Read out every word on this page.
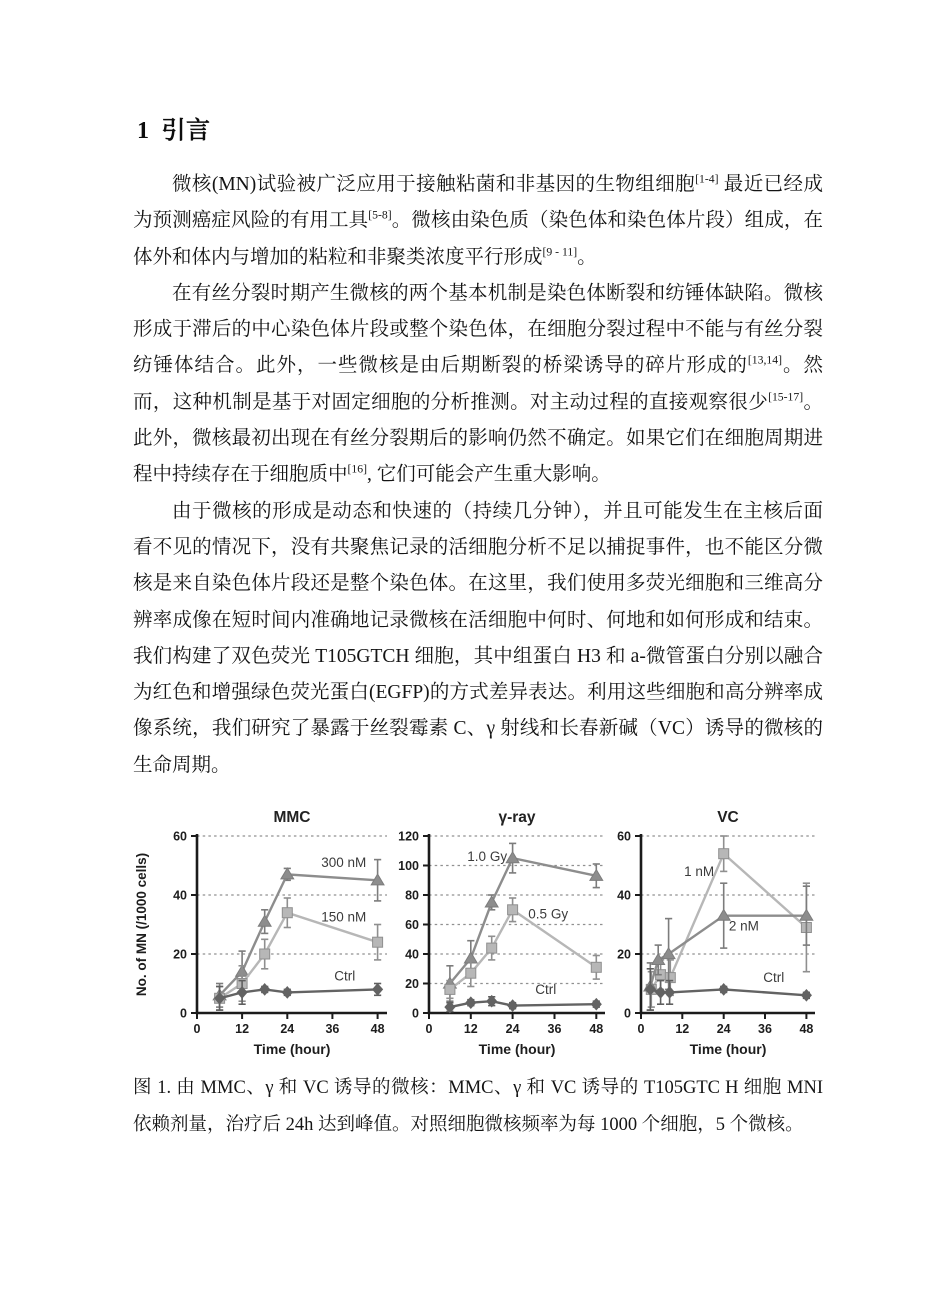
1 引言

微核(MN)试验被广泛应用于接触粘菌和非基因的生物组细胞[1-4] 最近已经成为预测癌症风险的有用工具[5-8]。微核由染色质（染色体和染色体片段）组成，在体外和体内与增加的粘粒和非聚类浓度平行形成[9 - 11]。

在有丝分裂时期产生微核的两个基本机制是染色体断裂和纺锤体缺陷。微核形成于滞后的中心染色体片段或整个染色体，在细胞分裂过程中不能与有丝分裂纺锤体结合。此外，一些微核是由后期断裂的桥梁诱导的碎片形成的[13,14]。然而，这种机制是基于对固定细胞的分析推测。对主动过程的直接观察很少[15-17]。此外，微核最初出现在有丝分裂期后的影响仍然不确定。如果它们在细胞周期进程中持续存在于细胞质中[16], 它们可能会产生重大影响。

由于微核的形成是动态和快速的（持续几分钟），并且可能发生在主核后面看不见的情况下，没有共聚焦记录的活细胞分析不足以捕捉事件，也不能区分微核是来自染色体片段还是整个染色体。在这里，我们使用多荧光细胞和三维高分辨率成像在短时间内准确地记录微核在活细胞中何时、何地和如何形成和结束。我们构建了双色荧光 T105GTCH 细胞，其中组蛋白 H3 和 a-微管蛋白分别以融合为红色和增强绿色荧光蛋白(EGFP)的方式差异表达。利用这些细胞和高分辨率成像系统，我们研究了暴露于丝裂霉素 C、γ 射线和长春新碱（VC）诱导的微核的生命周期。

0
20
40
60
0	12	24 36	48
300 nM
150 nM
Ctrl
MMC
Time (hour)
No. of MN (/1000 cells)
0
20
40
60
80
100
120
0	12 24 36 48
1.0 Gy
0.5 Gy
Ctrl
γ-ray
Time (hour)
0
20
40
60
0 12 24 36 48
1 nM
2 nM
Ctrl
VC
Time (hour)

图 1. 由 MMC、γ 和 VC 诱导的微核：MMC、γ 和 VC 诱导的 T105GTC H 细胞 MNI 依赖剂量，治疗后 24h 达到峰值。对照细胞微核频率为每 1000 个细胞，5 个微核。
